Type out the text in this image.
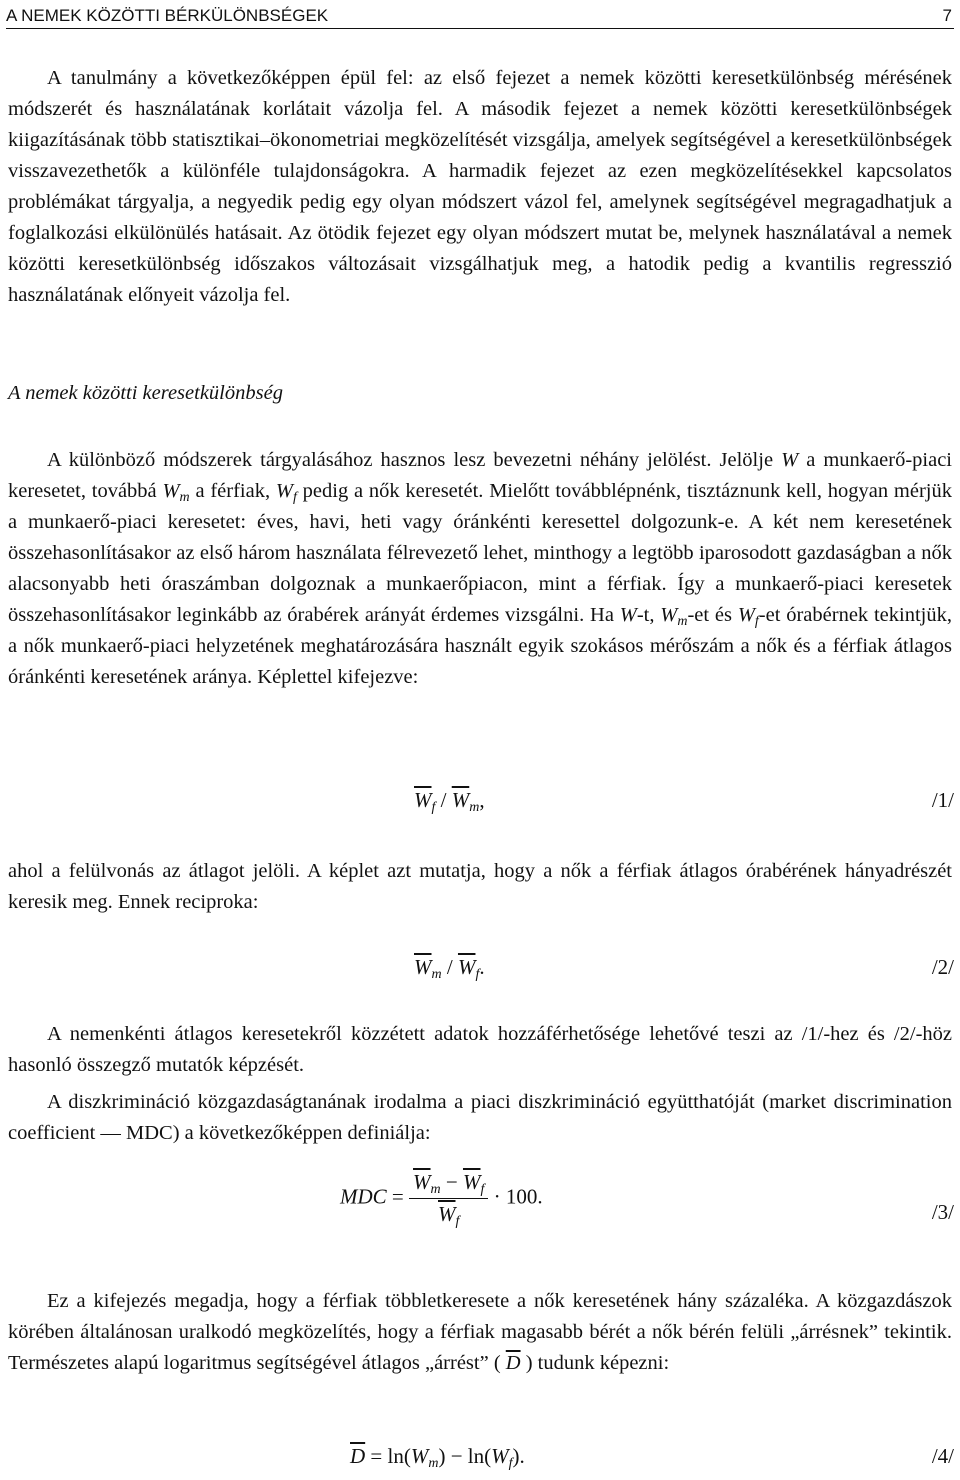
A NEMEK KÖZÖTTI BÉRKÜLÖNBSÉGEK	7

A tanulmány a következőképpen épül fel: az első fejezet a nemek közötti keresetkülönbség mérésének módszerét és használatának korlátait vázolja fel. A második fejezet a nemek közötti keresetkülönbségek kiigazításának több statisztikai–ökonometriai megközelítését vizsgálja, amelyek segítségével a keresetkülönbségek visszavezethetők a különféle tulajdonságokra. A harmadik fejezet az ezen megközelítésekkel kapcsolatos problémákat tárgyalja, a negyedik pedig egy olyan módszert vázol fel, amelynek segítségével megragadhatjuk a foglalkozási elkülönülés hatásait. Az ötödik fejezet egy olyan módszert mutat be, melynek használatával a nemek közötti keresetkülönbség időszakos változásait vizsgálhatjuk meg, a hatodik pedig a kvantilis regresszió használatának előnyeit vázolja fel.

A nemek közötti keresetkülönbség

A különböző módszerek tárgyalásához hasznos lesz bevezetni néhány jelölést. Jelölje W a munkaerő-piaci keresetet, továbbá $W_m$ a férfiak, $W_f$ pedig a nők keresetét. Mielőtt továbblépnénk, tisztáznunk kell, hogyan mérjük a munkaerő-piaci keresetet: éves, havi, heti vagy óránkénti keresettel dolgozunk-e. A két nem keresetének összehasonlításakor az első három használata félrevezető lehet, minthogy a legtöbb iparosodott gazdaságban a nők alacsonyabb heti óraszámban dolgoznak a munkaerőpiacon, mint a férfiak. Így a munkaerő-piaci keresetek összehasonlításakor leginkább az órabérek arányát érdemes vizsgálni. Ha W-t, $W_m-et$ és $W_f-et$ órabérnek tekintjük, a nők munkaerő-piaci helyzetének meghatározására használt egyik szokásos mérőszám a nők és a férfiak átlagos óránkénti keresetének aránya. Képlettel kifejezve:

$\overline{W}_f / \overline{W}_m$,	/1/

ahol a felülvonás az átlagot jelöli. A képlet azt mutatja, hogy a nők a férfiak átlagos órabérének hányadrészét keresik meg. Ennek reciproka:

$\overline{W}_m / \overline{W}_f$.	/2/

A nemenkénti átlagos keresetekről közzétett adatok hozzáférhetősége lehetővé teszi az /1/-hez és /2/-höz hasonló összegző mutatók képzését.

A diszkrimináció közgazdaságtanának irodalma a piaci diszkrimináció együtthatóját (market discrimination coefficient — MDC) a következőképpen definiálja:

MDC = $\frac{\overline{W}_m - \overline{W}_f}{\overline{W}_f} \cdot 100$.
/3/

Ez a kifejezés megadja, hogy a férfiak többletkeresete a nők keresetének hány százaléka. A közgazdászok körében általánosan uralkodó megközelítés, hogy a férfiak magasabb bérét a nők bérén felüli „árrésnek” tekintik. Természetes alapú logaritmus segítségével átlagos „árrést” ( $\overline{D}$ ) tudunk képezni:

$\overline{D} = \ln(W_m) - \ln(W_f)$.	/4/
